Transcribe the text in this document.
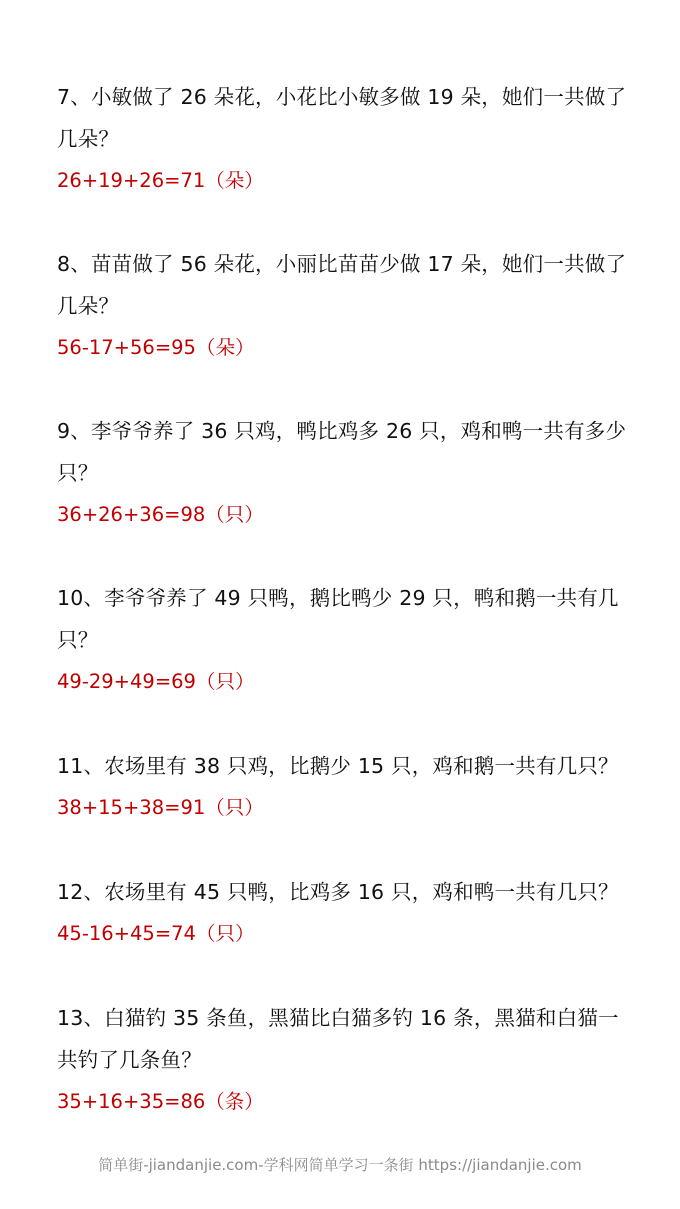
7、小敏做了 26 朵花，小花比小敏多做 19 朵，她们一共做了几朵？

26+19+26=71（朵）

8、苗苗做了 56 朵花，小丽比苗苗少做 17 朵，她们一共做了几朵？

56-17+56=95（朵）

9、李爷爷养了 36 只鸡，鸭比鸡多 26 只，鸡和鸭一共有多少只？

36+26+36=98（只）

10、李爷爷养了 49 只鸭，鹅比鸭少 29 只，鸭和鹅一共有几只？

49-29+49=69（只）

11、农场里有 38 只鸡，比鹅少 15 只，鸡和鹅一共有几只？

38+15+38=91（只）

12、农场里有 45 只鸭，比鸡多 16 只，鸡和鸭一共有几只？

45-16+45=74（只）

13、白猫钓 35 条鱼，黑猫比白猫多钓 16 条，黑猫和白猫一共钓了几条鱼？

35+16+35=86（条）

简单街-jiandanjie.com-学科网简单学习一条街 https://jiandanjie.com
